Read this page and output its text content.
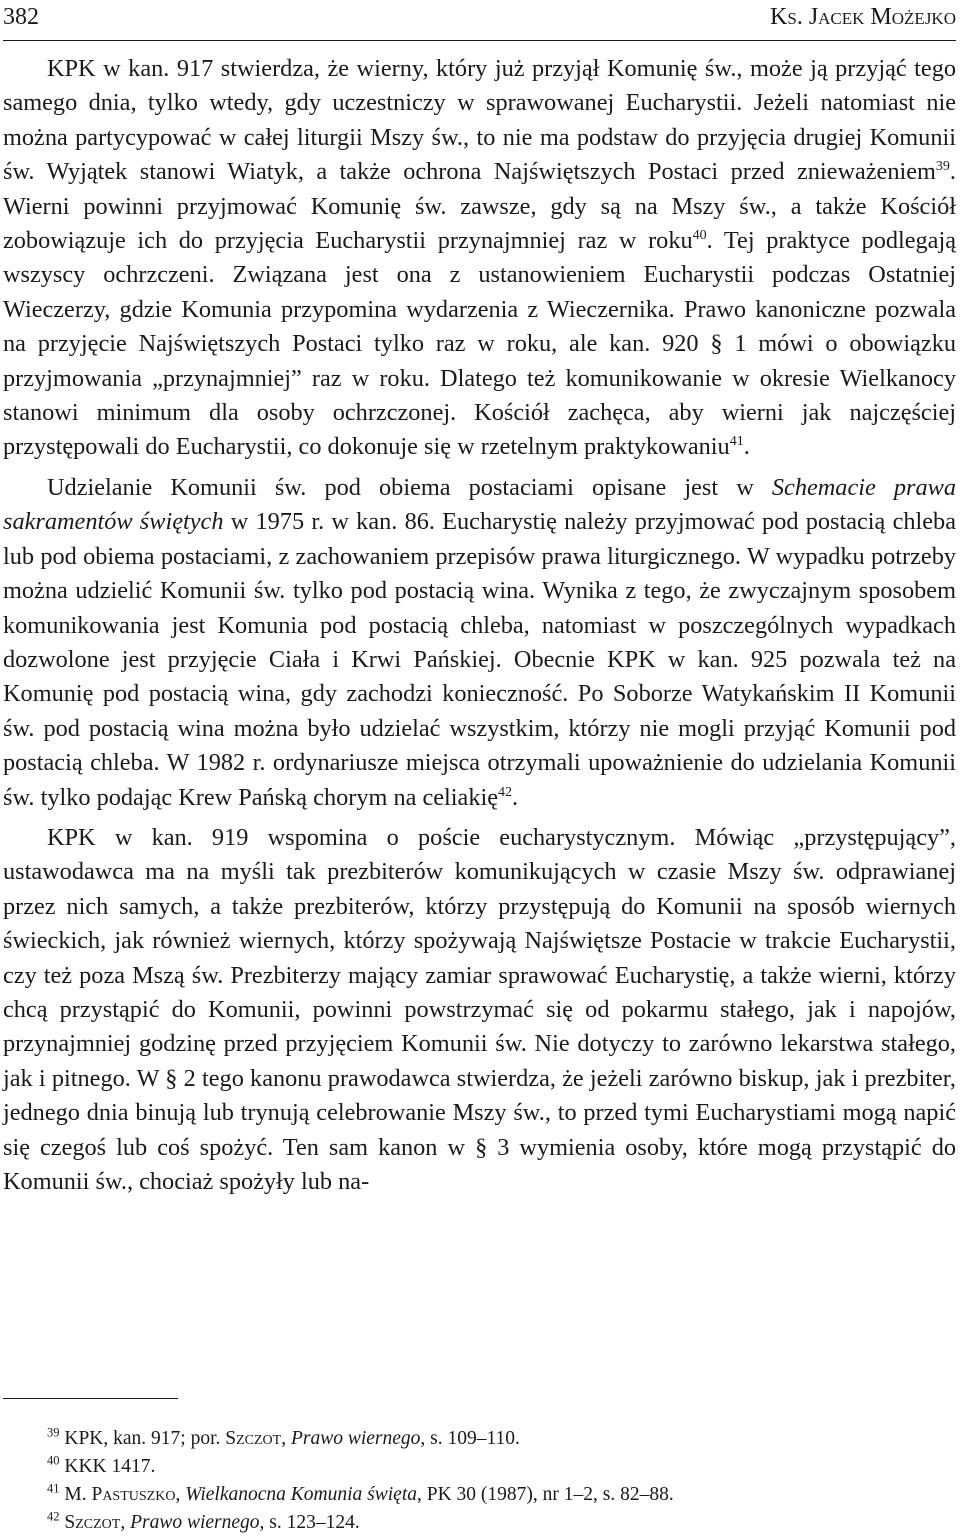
382	Ks. Jacek Możejko

KPK w kan. 917 stwierdza, że wierny, który już przyjął Komunię św., może ją przyjąć tego samego dnia, tylko wtedy, gdy uczestniczy w sprawowanej Eucharystii. Jeżeli natomiast nie można partycypować w całej liturgii Mszy św., to nie ma podstaw do przyjęcia drugiej Komunii św. Wyjątek stanowi Wiatyk, a także ochrona Najświętszych Postaci przed znieważeniem$^{39}$. Wierni powinni przyjmować Komunię św. zawsze, gdy są na Mszy św., a także Kościół zobowiązuje ich do przyjęcia Eucharystii przynajmniej raz w roku$^{40}$. Tej praktyce podlegają wszyscy ochrzczeni. Związana jest ona z ustanowieniem Eucharystii podczas Ostatniej Wieczerzy, gdzie Komunia przypomina wydarzenia z Wieczernika. Prawo kanoniczne pozwala na przyjęcie Najświętszych Postaci tylko raz w roku, ale kan. 920 § 1 mówi o obowiązku przyjmowania „przynajmniej” raz w roku. Dlatego też komunikowanie w okresie Wielkanocy stanowi minimum dla osoby ochrzczonej. Kościół zachęca, aby wierni jak najczęściej przystępowali do Eucharystii, co dokonuje się w rzetelnym praktykowaniu$^{41}$.

Udzielanie Komunii św. pod obiema postaciami opisane jest w Schemacie prawa sakramentów świętych w 1975 r. w kan. 86. Eucharystię należy przyjmować pod postacią chleba lub pod obiema postaciami, z zachowaniem przepisów prawa liturgicznego. W wypadku potrzeby można udzielić Komunii św. tylko pod postacią wina. Wynika z tego, że zwyczajnym sposobem komunikowania jest Komunia pod postacią chleba, natomiast w poszczególnych wypadkach dozwolone jest przyjęcie Ciała i Krwi Pańskiej. Obecnie KPK w kan. 925 pozwala też na Komunię pod postacią wina, gdy zachodzi konieczność. Po Soborze Watykańskim II Komunii św. pod postacią wina można było udzielać wszystkim, którzy nie mogli przyjąć Komunii pod postacią chleba. W 1982 r. ordynariusze miejsca otrzymali upoważnienie do udzielania Komunii św. tylko podając Krew Pańską chorym na celiakię$^{42}$.

KPK w kan. 919 wspomina o poście eucharystycznym. Mówiąc „przystępujący”, ustawodawca ma na myśli tak prezbiterów komunikujących w czasie Mszy św. odprawianej przez nich samych, a także prezbiterów, którzy przystępują do Komunii na sposób wiernych świeckich, jak również wiernych, którzy spożywają Najświętsze Postacie w trakcie Eucharystii, czy też poza Mszą św. Prezbiterzy mający zamiar sprawować Eucharystię, a także wierni, którzy chcą przystąpić do Komunii, powinni powstrzymać się od pokarmu stałego, jak i napojów, przynajmniej godzinę przed przyjęciem Komunii św. Nie dotyczy to zarówno lekarstwa stałego, jak i pitnego. W § 2 tego kanonu prawodawca stwierdza, że jeżeli zarówno biskup, jak i prezbiter, jednego dnia binują lub trynują celebrowanie Mszy św., to przed tymi Eucharystiami mogą napić się czegoś lub coś spożyć. Ten sam kanon w § 3 wymienia osoby, które mogą przystąpić do Komunii św., chociaż spożyły lub na-

$^{39}$ KPK, kan. 917; por. Szczot, Prawo wiernego, s. 109–110.

$^{40}$ KKK 1417.

$^{41}$ M. Pastuszko, Wielkanocna Komunia święta, PK 30 (1987), nr 1–2, s. 82–88.

$^{42}$ Szczot, Prawo wiernego, s. 123–124.
